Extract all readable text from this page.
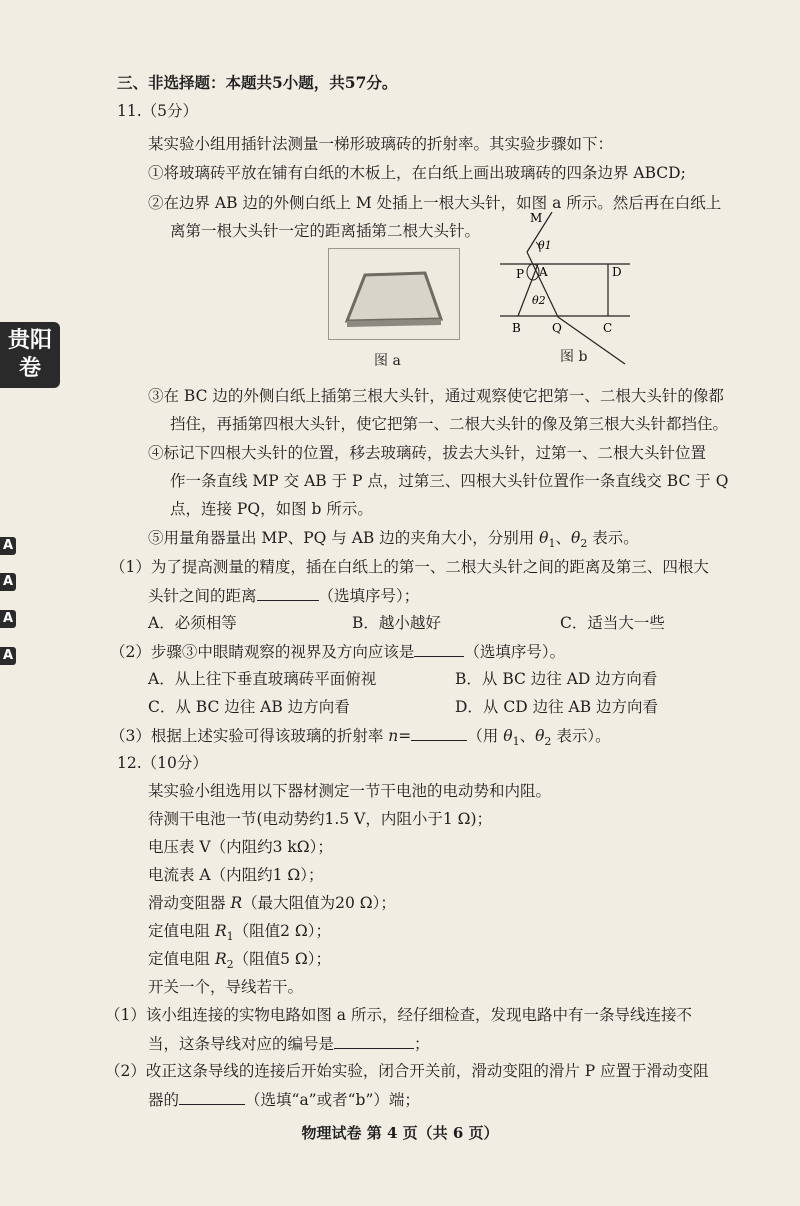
贵阳
卷
A
A
A
A
三、非选择题：本题共5小题，共57分。
11.（5分）
某实验小组用插针法测量一梯形玻璃砖的折射率。其实验步骤如下：
①将玻璃砖平放在铺有白纸的木板上，在白纸上画出玻璃砖的四条边界 ABCD;
②在边界 AB 边的外侧白纸上 M 处插上一根大头针，如图 a 所示。然后再在白纸上
离第一根大头针一定的距离插第二根大头针。
图 a
M
θ1
P A
θ2
D
B	Q	C
图 b
③在 BC 边的外侧白纸上插第三根大头针，通过观察使它把第一、二根大头针的像都
挡住，再插第四根大头针，使它把第一、二根大头针的像及第三根大头针都挡住。
④标记下四根大头针的位置，移去玻璃砖，拔去大头针，过第一、二根大头针位置
作一条直线 MP 交 AB 于 P 点，过第三、四根大头针位置作一条直线交 BC 于 Q
点，连接 PQ，如图 b 所示。
⑤用量角器量出 MP、PQ 与 AB 边的夹角大小，分别用 $\theta_1$、$\theta_2$ 表示。
（1）为了提高测量的精度，插在白纸上的第一、二根大头针之间的距离及第三、四根大
头针之间的距离	（选填序号）；
A．必须相等	B．越小越好	C．适当大一些
（2）步骤③中眼睛观察的视界及方向应该是	（选填序号）。
A．从上往下垂直玻璃砖平面俯视	B．从 BC 边往 AD 边方向看
C．从 BC 边往 AB 边方向看	D．从 CD 边往 AB 边方向看
（3）根据上述实验可得该玻璃的折射率 n=	（用 $\theta_1$、$\theta_2$ 表示）。
12.（10分）
某实验小组选用以下器材测定一节干电池的电动势和内阻。
待测干电池一节(电动势约1.5 V，内阻小于1 Ω)；
电压表 V（内阻约3 kΩ）；
电流表 A（内阻约1 Ω）；
滑动变阻器 R（最大阻值为20 Ω）；
定值电阻 $R_1$（阻值2 Ω）；
定值电阻 $R_2$（阻值5 Ω）；
开关一个，导线若干。
（1）该小组连接的实物电路如图 a 所示，经仔细检查，发现电路中有一条导线连接不
当，这条导线对应的编号是	；
（2）改正这条导线的连接后开始实验，闭合开关前，滑动变阻的滑片 P 应置于滑动变阻
器的	（选填“a”或者“b”）端；
物理试卷 第 4 页（共 6 页）
